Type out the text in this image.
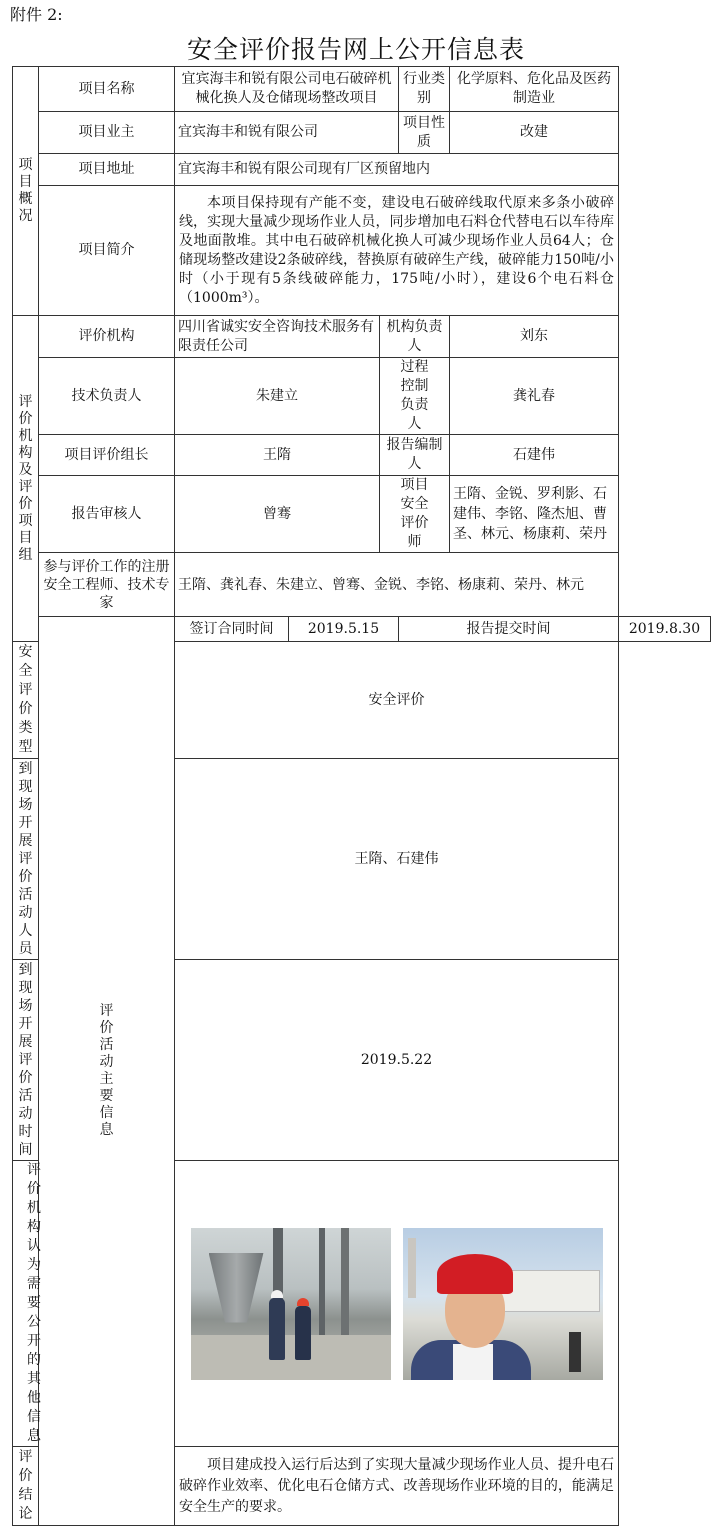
附件 2:
安全评价报告网上公开信息表
项目概况	项目名称	宜宾海丰和锐有限公司电石破碎机械化换人及仓储现场整改项目			行业类别	化学原料、危化品及医药制造业	
	项目业主	宜宾海丰和锐有限公司			项目性质	改建	
	项目地址	宜宾海丰和锐有限公司现有厂区预留地内					
	项目简介	本项目保持现有产能不变，建设电石破碎线取代原来多条小破碎线，实现大量减少现场作业人员，同步增加电石料仓代替电石以车待库及地面散堆。其中电石破碎机械化换人可减少现场作业人员64人；仓储现场整改建设2条破碎线，替换原有破碎生产线，破碎能力150吨/小时（小于现有5条线破碎能力，175吨/小时），建设6个电石料仓（1000m³）。					
评价机构及评价项目组	评价机构	四川省诚实安全咨询技术服务有限责任公司		机构负责人		刘东	
	技术负责人	朱建立		过程控制负责人		龚礼春	
	项目评价组长	王隋		报告编制人		石建伟	
	报告审核人	曾骞		项目安全评价师		王隋、金锐、罗利影、石建伟、李铭、隆杰旭、曹圣、林元、杨康莉、荣丹	
	参与评价工作的注册安全工程师、技术专家	王隋、龚礼春、朱建立、曾骞、金锐、李铭、杨康莉、荣丹、林元					
	评价活动主要信息	签订合同时间	2019.5.15		报告提交时间		2019.8.30
安全评价类型		安全评价					
到现场开展评价活动人员		王隋、石建伟					
到现场开展评价活动时间		2019.5.22					
评价机构认为需要公开的其他信息							

评价结论		项目建成投入运行后达到了实现大量减少现场作业人员、提升电石破碎作业效率、优化电石仓储方式、改善现场作业环境的目的，能满足安全生产的要求。					
